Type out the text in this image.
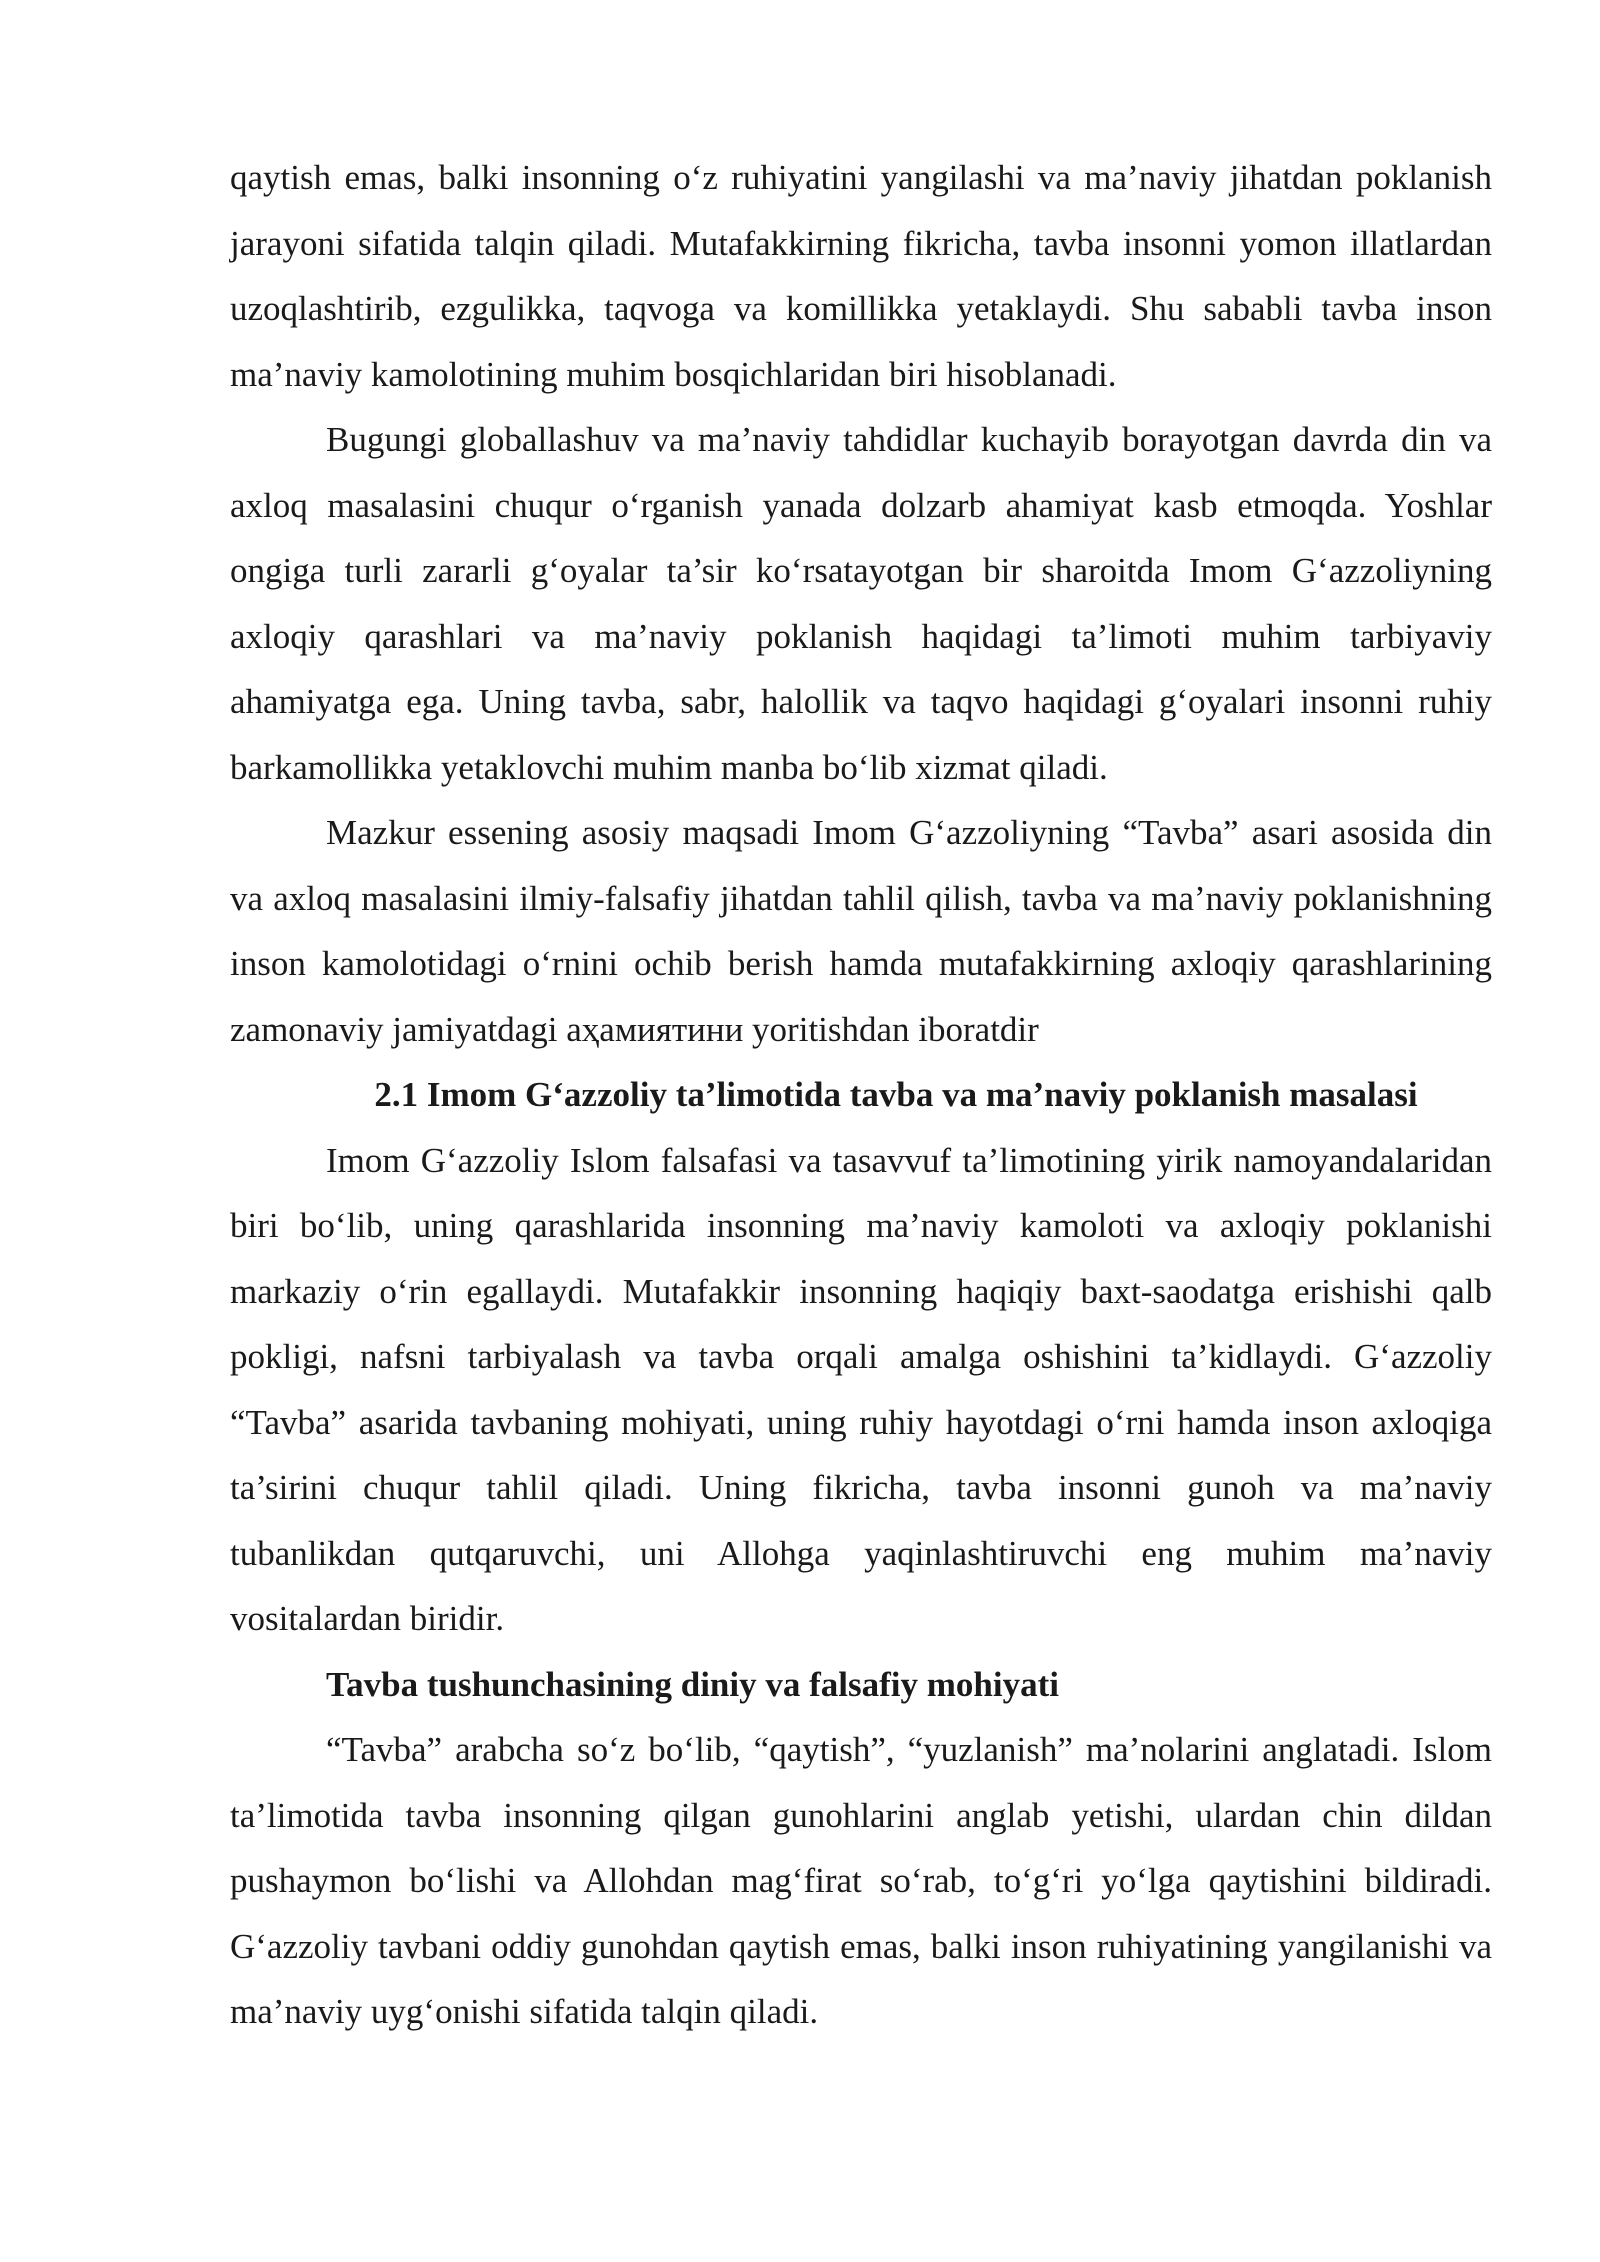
qaytish emas, balki insonning o‘z ruhiyatini yangilashi va ma’naviy jihatdan poklanish jarayoni sifatida talqin qiladi. Mutafakkirning fikricha, tavba insonni yomon illatlardan uzoqlashtirib, ezgulikka, taqvoga va komillikka yetaklaydi. Shu sababli tavba inson ma’naviy kamolotining muhim bosqichlaridan biri hisoblanadi.

Bugungi globallashuv va ma’naviy tahdidlar kuchayib borayotgan davrda din va axloq masalasini chuqur o‘rganish yanada dolzarb ahamiyat kasb etmoqda. Yoshlar ongiga turli zararli g‘oyalar ta’sir ko‘rsatayotgan bir sharoitda Imom G‘azzoliyning axloqiy qarashlari va ma’naviy poklanish haqidagi ta’limoti muhim tarbiyaviy ahamiyatga ega. Uning tavba, sabr, halollik va taqvo haqidagi g‘oyalari insonni ruhiy barkamollikka yetaklovchi muhim manba bo‘lib xizmat qiladi.

Mazkur essening asosiy maqsadi Imom G‘azzoliyning “Tavba” asari asosida din va axloq masalasini ilmiy-falsafiy jihatdan tahlil qilish, tavba va ma’naviy poklanishning inson kamolotidagi o‘rnini ochib berish hamda mutafakkirning axloqiy qarashlarining zamonaviy jamiyatdagi аҳамиятини yoritishdan iboratdir

2.1 Imom G‘azzoliy ta’limotida tavba va ma’naviy poklanish masalasi

Imom G‘azzoliy Islom falsafasi va tasavvuf ta’limotining yirik namoyandalaridan biri bo‘lib, uning qarashlarida insonning ma’naviy kamoloti va axloqiy poklanishi markaziy o‘rin egallaydi. Mutafakkir insonning haqiqiy baxt-saodatga erishishi qalb pokligi, nafsni tarbiyalash va tavba orqali amalga oshishini ta’kidlaydi. G‘azzoliy “Tavba” asarida tavbaning mohiyati, uning ruhiy hayotdagi o‘rni hamda inson axloqiga ta’sirini chuqur tahlil qiladi. Uning fikricha, tavba insonni gunoh va ma’naviy tubanlikdan qutqaruvchi, uni Allohga yaqinlashtiruvchi eng muhim ma’naviy vositalardan biridir.

Tavba tushunchasining diniy va falsafiy mohiyati

“Tavba” arabcha so‘z bo‘lib, “qaytish”, “yuzlanish” ma’nolarini anglatadi. Islom ta’limotida tavba insonning qilgan gunohlarini anglab yetishi, ulardan chin dildan pushaymon bo‘lishi va Allohdan mag‘firat so‘rab, to‘g‘ri yo‘lga qaytishini bildiradi. G‘azzoliy tavbani oddiy gunohdan qaytish emas, balki inson ruhiyatining yangilanishi va ma’naviy uyg‘onishi sifatida talqin qiladi.
